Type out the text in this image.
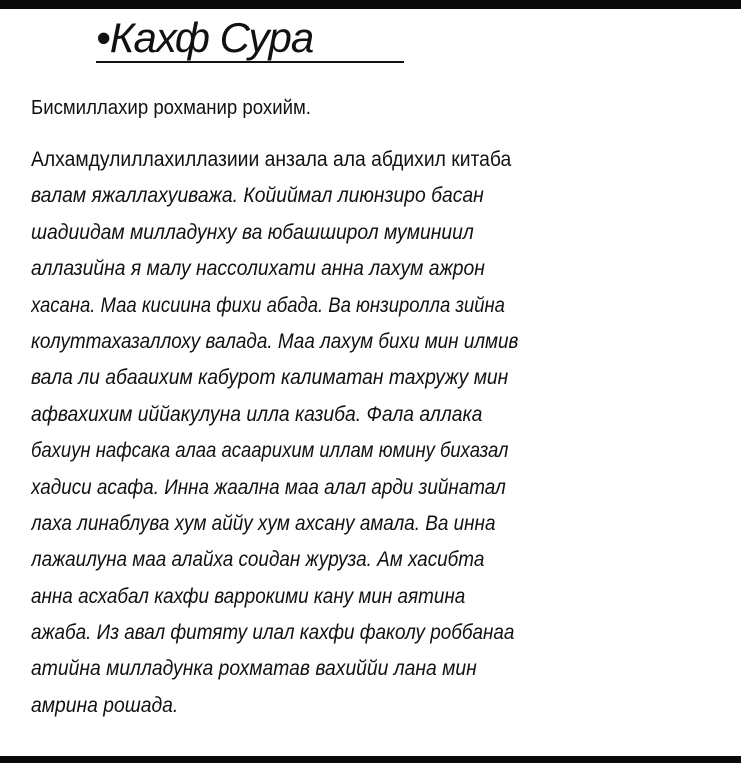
•Кахф Сура
Бисмиллахир рохманир рохийм.
Алхамдулиллахиллазиии анзала ала абдихил китаба
валам яжаллахуиважа. Койиймал лиюнзиро басан
шадиидам милладунху ва юбашширол муминиил
аллазийна я малу нассолихати анна лахум ажрон
хасана. Маа кисиина фихи абада. Ва юнзиролла зийна
колуттахазаллоху валада. Маа лахум бихи мин илмив
вала ли абааихим кабурот калиматан тахружу мин
афвахихим иййакулуна илла казиба. Фала аллака
бахиун нафсака алаа асаарихим иллам юмину бихазал
хадиси асафа. Инна жаална маа алал арди зийнатал
лаха линаблува хум аййу хум ахсану амала. Ва инна
лажаилуна маа алайха соидан журуза. Ам хасибта
анна асхабал кахфи варрокими кану мин аятина
ажаба. Из авал фитяту илал кахфи факолу роббанаа
атийна милладунка рохматав вахиййи лана мин
амрина рошада.
